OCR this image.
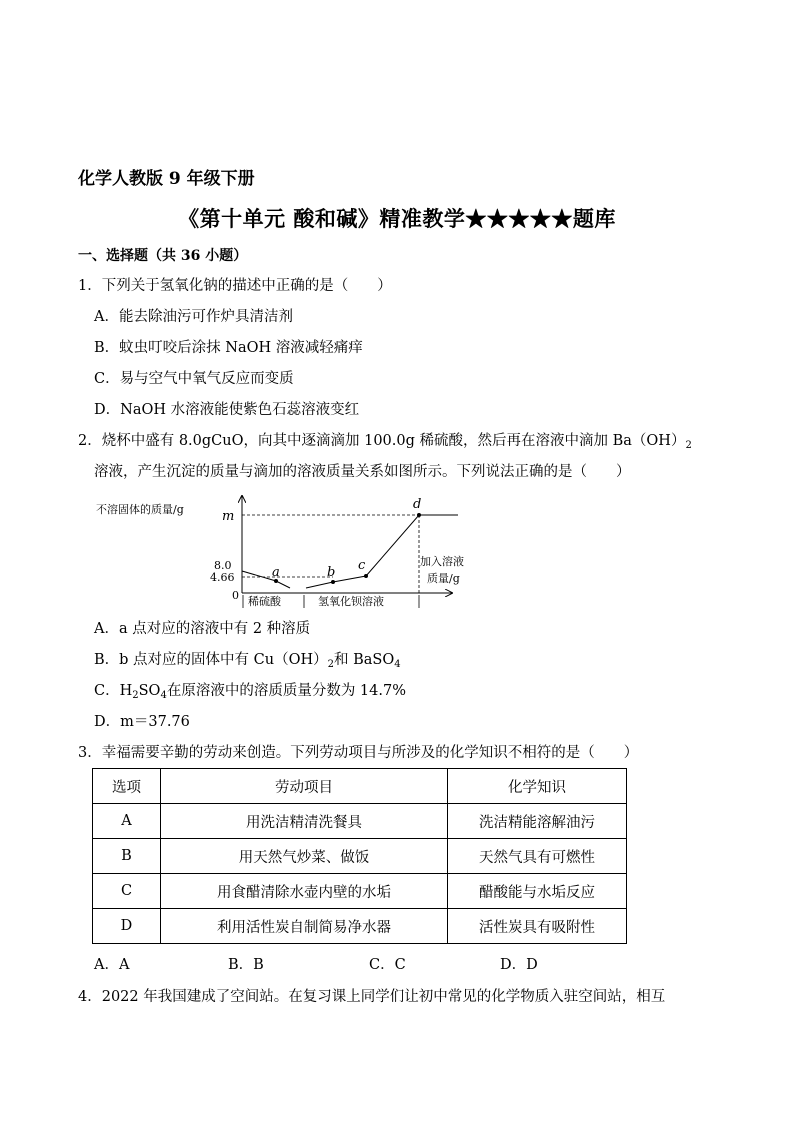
化学人教版 9 年级下册
《第十单元 酸和碱》精准教学★★★★★题库
一、选择题（共 36 小题）
1．下列关于氢氧化钠的描述中正确的是（　　）
A．能去除油污可作炉具清洁剂
B．蚊虫叮咬后涂抹 NaOH 溶液减轻痛痒
C．易与空气中氧气反应而变质
D．NaOH 水溶液能使紫色石蕊溶液变红
2．烧杯中盛有 8.0gCuO，向其中逐滴滴加 100.0g 稀硫酸，然后再在溶液中滴加 $Ba(OH)_2$
溶液，产生沉淀的质量与滴加的溶液质量关系如图所示。下列说法正确的是（　　）
不溶固体的质量/g	m
8.0
4.66
0
a	b c
d
稀硫酸	氢氧化钡溶液
加入溶液
质量/g
A．a 点对应的溶液中有 2 种溶质
B．b 点对应的固体中有 $Cu(OH)_2$和 BaSO$_4$
C．$H_2SO_4$在原溶液中的溶质质量分数为 14.7%
D．m＝37.76
3．幸福需要辛勤的劳动来创造。下列劳动项目与所涉及的化学知识不相符的是（　　）
选项	劳动项目	化学知识
A	用洗洁精清洗餐具	洗洁精能溶解油污
B	用天然气炒菜、做饭	天然气具有可燃性
C	用食醋清除水壶内壁的水垢	醋酸能与水垢反应
D	利用活性炭自制简易净水器	活性炭具有吸附性
A．A	B．B	C．C	D．D
4．2022 年我国建成了空间站。在复习课上同学们让初中常见的化学物质入驻空间站，相互
